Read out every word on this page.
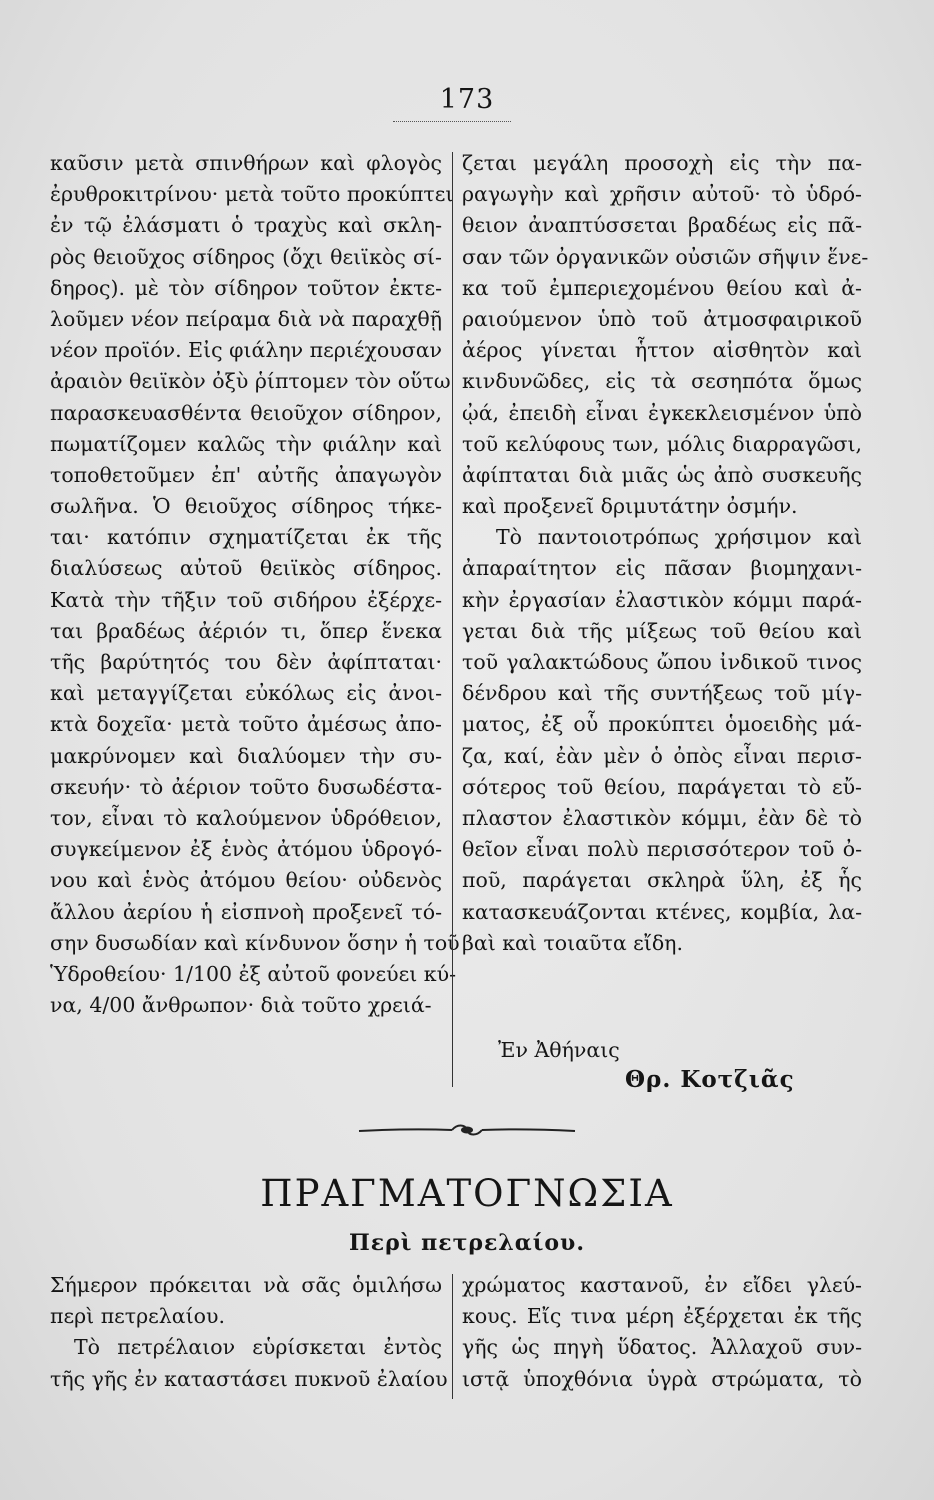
173
καῦσιν μετὰ σπινθήρων καὶ φλογὸς
ἐρυθροκιτρίνου· μετὰ τοῦτο προκύπτει
ἐν τῷ ἐλάσματι ὁ τραχὺς καὶ σκλη-
ρὸς θειοῦχος σίδηρος (ὄχι θειϊκὸς σί-
δηρος). μὲ τὸν σίδηρον τοῦτον ἐκτε-
λοῦμεν νέον πείραμα διὰ νὰ παραχθῇ
νέον προϊόν. Εἰς φιάλην περιέχουσαν
ἀραιὸν θειϊκὸν ὀξὺ ῥίπτομεν τὸν οὕτω
παρασκευασθέντα θειοῦχον σίδηρον,
πωματίζομεν καλῶς τὴν φιάλην καὶ
τοποθετοῦμεν ἐπ' αὐτῆς ἀπαγωγὸν
σωλῆνα. Ὁ θειοῦχος σίδηρος τήκε-
ται· κατόπιν σχηματίζεται ἐκ τῆς
διαλύσεως αὐτοῦ θειϊκὸς σίδηρος.
Κατὰ τὴν τῆξιν τοῦ σιδήρου ἐξέρχε-
ται βραδέως ἀέριόν τι, ὅπερ ἕνεκα
τῆς βαρύτητός του δὲν ἀφίπταται·
καὶ μεταγγίζεται εὐκόλως εἰς ἀνοι-
κτὰ δοχεῖα· μετὰ τοῦτο ἀμέσως ἀπο-
μακρύνομεν καὶ διαλύομεν τὴν συ-
σκευήν· τὸ ἀέριον τοῦτο δυσωδέστα-
τον, εἶναι τὸ καλούμενον ὑδρόθειον,
συγκείμενον ἐξ ἑνὸς ἀτόμου ὑδρογό-
νου καὶ ἑνὸς ἀτόμου θείου· οὐδενὸς
ἄλλου ἀερίου ἡ εἰσπνοὴ προξενεῖ τό-
σην δυσωδίαν καὶ κίνδυνον ὅσην ἡ τοῦ
Ὑδροθείου· 1/100 ἐξ αὐτοῦ φονεύει κύ-
να, 4/00 ἄνθρωπον· διὰ τοῦτο χρειά-
ζεται μεγάλη προσοχὴ εἰς τὴν πα-
ραγωγὴν καὶ χρῆσιν αὐτοῦ· τὸ ὑδρό-
θειον ἀναπτύσσεται βραδέως εἰς πᾶ-
σαν τῶν ὀργανικῶν οὐσιῶν σῆψιν ἕνε-
κα τοῦ ἐμπεριεχομένου θείου καὶ ἀ-
ραιούμενον ὑπὸ τοῦ ἀτμοσφαιρικοῦ
ἀέρος γίνεται ἧττον αἰσθητὸν καὶ
κινδυνῶδες, εἰς τὰ σεσηπότα ὅμως
ᾠά, ἐπειδὴ εἶναι ἐγκεκλεισμένον ὑπὸ
τοῦ κελύφους των, μόλις διαρραγῶσι,
ἀφίπταται διὰ μιᾶς ὡς ἀπὸ συσκευῆς
καὶ προξενεῖ δριμυτάτην ὀσμήν.
Τὸ παντοιοτρόπως χρήσιμον καὶ
ἀπαραίτητον εἰς πᾶσαν βιομηχανι-
κὴν ἐργασίαν ἐλαστικὸν κόμμι παρά-
γεται διὰ τῆς μίξεως τοῦ θείου καὶ
τοῦ γαλακτώδους ὤπου ἰνδικοῦ τινος
δένδρου καὶ τῆς συντήξεως τοῦ μίγ-
ματος, ἐξ οὗ προκύπτει ὁμοειδὴς μά-
ζα, καί, ἐὰν μὲν ὁ ὀπὸς εἶναι περισ-
σότερος τοῦ θείου, παράγεται τὸ εὔ-
πλαστον ἐλαστικὸν κόμμι, ἐὰν δὲ τὸ
θεῖον εἶναι πολὺ περισσότερον τοῦ ὀ-
ποῦ, παράγεται σκληρὰ ὕλη, ἐξ ἧς
κατασκευάζονται κτένες, κομβία, λα-
βαὶ καὶ τοιαῦτα εἴδη.
Ἐν Ἀθήναις
Θρ. Κοτζιᾶς
ΠΡΑΓΜΑΤΟΓΝΩΣΙΑ
Περὶ πετρελαίου.
Σήμερον πρόκειται νὰ σᾶς ὁμιλήσω
περὶ πετρελαίου.
Τὸ πετρέλαιον εὑρίσκεται ἐντὸς
τῆς γῆς ἐν καταστάσει πυκνοῦ ἐλαίου
χρώματος καστανοῦ, ἐν εἴδει γλεύ-
κους. Εἴς τινα μέρη ἐξέρχεται ἐκ τῆς
γῆς ὡς πηγὴ ὕδατος. Ἀλλαχοῦ συν-
ιστᾷ ὑποχθόνια ὑγρὰ στρώματα, τὸ
